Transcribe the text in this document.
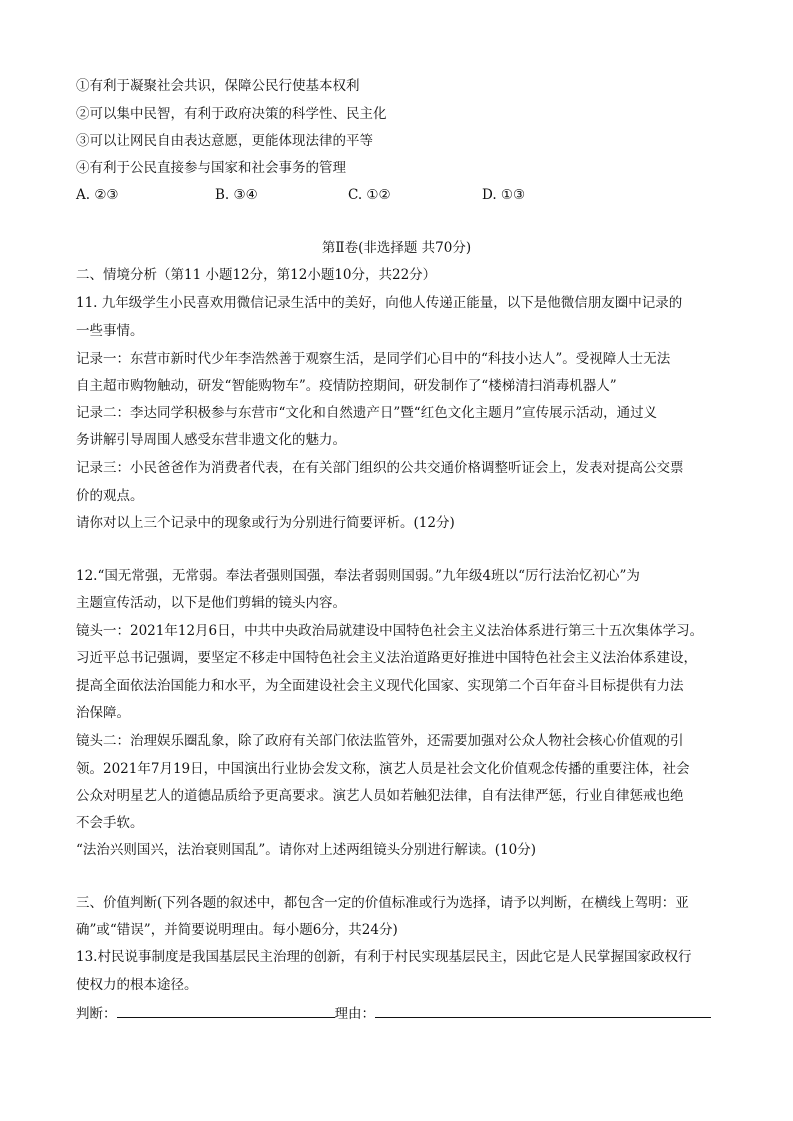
①有利于凝聚社会共识，保障公民行使基本权利
②可以集中民智，有利于政府决策的科学性、民主化
③可以让网民自由表达意愿，更能体现法律的平等
④有利于公民直接参与国家和社会事务的管理
A. ②③	B. ③④	C. ①②	D. ①③
第Ⅱ卷(非选择题 共70分)
二、情境分析（第11 小题12分，第12小题10分，共22分）
11. 九年级学生小民喜欢用微信记录生活中的美好，向他人传递正能量，以下是他微信朋友圈中记录的
一些事情。
记录一：东营市新时代少年李浩然善于观察生活，是同学们心目中的“科技小达人”。受视障人士无法
自主超市购物触动，研发“智能购物车”。疫情防控期间，研发制作了“楼梯清扫消毒机器人”
记录二：李达同学积极参与东营市“文化和自然遗产日”暨“红色文化主题月”宣传展示活动，通过义
务讲解引导周围人感受东营非遗文化的魅力。
记录三：小民爸爸作为消费者代表，在有关部门组织的公共交通价格调整听证会上，发表对提高公交票
价的观点。
请你对以上三个记录中的现象或行为分别进行简要评析。(12分)
12.“国无常强，无常弱。奉法者强则国强，奉法者弱则国弱。”九年级4班以“厉行法治忆初心”为
主题宣传活动，以下是他们剪辑的镜头内容。
镜头一：2021年12月6日，中共中央政治局就建设中国特色社会主义法治体系进行第三十五次集体学习。
习近平总书记强调，要坚定不移走中国特色社会主义法治道路更好推进中国特色社会主义法治体系建设，
提高全面依法治国能力和水平，为全面建设社会主义现代化国家、实现第二个百年奋斗目标提供有力法
治保障。
镜头二：治理娱乐圈乱象，除了政府有关部门依法监管外，还需要加强对公众人物社会核心价值观的引
领。2021年7月19日，中国演出行业协会发文称，演艺人员是社会文化价值观念传播的重要注体，社会
公众对明星艺人的道德品质给予更高要求。演艺人员如若触犯法律，自有法律严惩，行业自律惩戒也绝
不会手软。
“法治兴则国兴，法治衰则国乱”。请你对上述两组镜头分别进行解读。(10分)
三、价值判断(下列各题的叙述中，都包含一定的价值标准或行为选择，请予以判断，在横线上驾明：亚
确”或“错误”，并简要说明理由。每小题6分，共24分)
13.村民说事制度是我国基层民主治理的创新，有利于村民实现基层民主，因此它是人民掌握国家政权行
使权力的根本途径。
判断：	理由：
